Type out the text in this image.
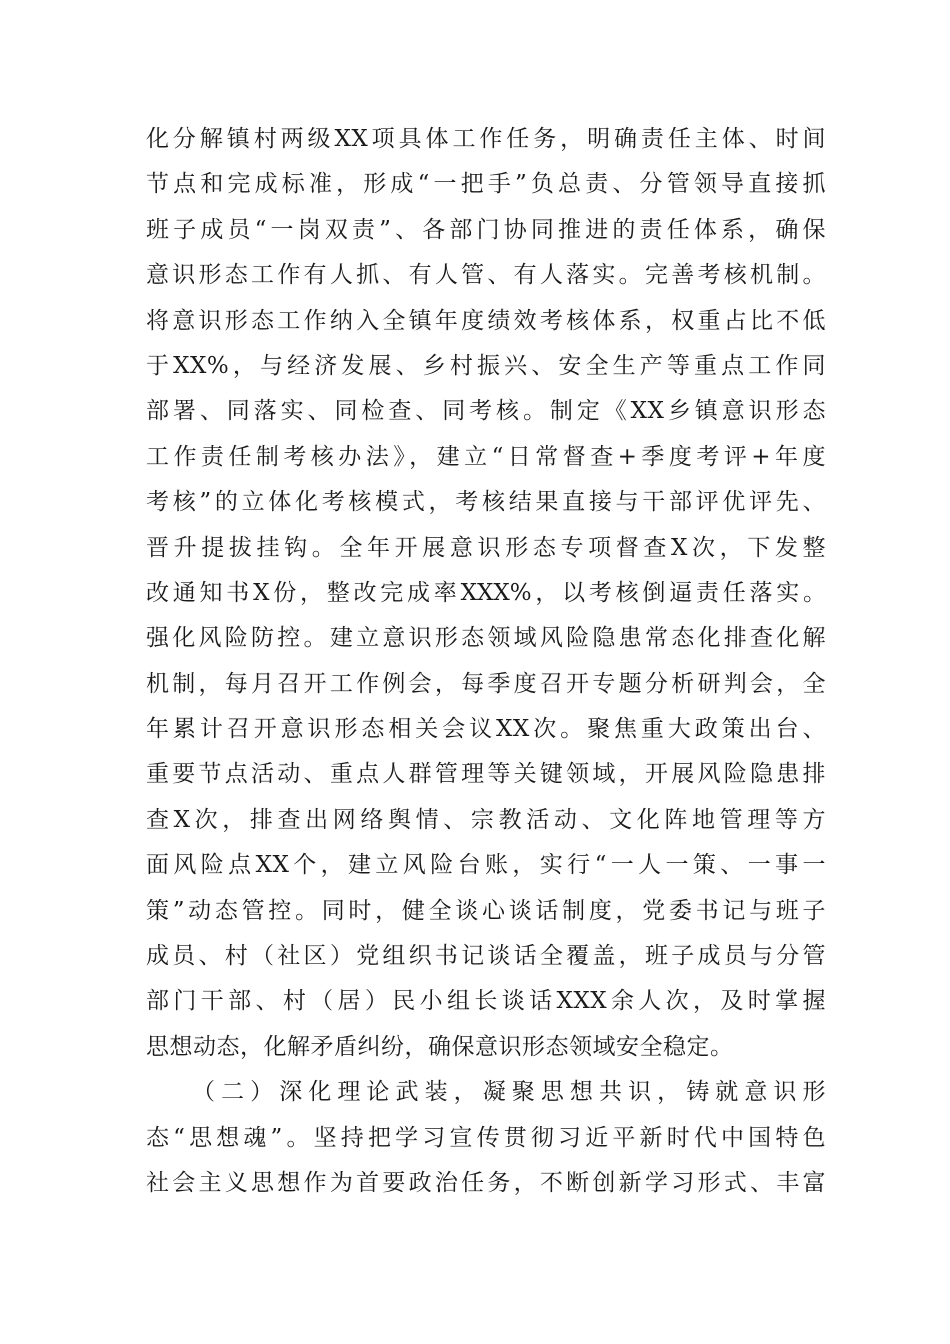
化分解镇村两级XX项具体工作任务，明确责任主体、时间
节点和完成标准，形成“一把手”负总责、分管领导直接抓
班子成员“一岗双责”、各部门协同推进的责任体系，确保
意识形态工作有人抓、有人管、有人落实。完善考核机制。
将意识形态工作纳入全镇年度绩效考核体系，权重占比不低
于XX%，与经济发展、乡村振兴、安全生产等重点工作同
部署、同落实、同检查、同考核。制定《XX乡镇意识形态
工作责任制考核办法》，建立“日常督查+季度考评+年度
考核”的立体化考核模式，考核结果直接与干部评优评先、
晋升提拔挂钩。全年开展意识形态专项督查X次，下发整
改通知书X份，整改完成率XXX%，以考核倒逼责任落实。
强化风险防控。建立意识形态领域风险隐患常态化排查化解
机制，每月召开工作例会，每季度召开专题分析研判会，全
年累计召开意识形态相关会议XX次。聚焦重大政策出台、
重要节点活动、重点人群管理等关键领域，开展风险隐患排
查X次，排查出网络舆情、宗教活动、文化阵地管理等方
面风险点XX个，建立风险台账，实行“一人一策、一事一
策”动态管控。同时，健全谈心谈话制度，党委书记与班子
成员、村（社区）党组织书记谈话全覆盖，班子成员与分管
部门干部、村（居）民小组长谈话XXX余人次，及时掌握
思想动态，化解矛盾纠纷，确保意识形态领域安全稳定。
（二）深化理论武装，凝聚思想共识，铸就意识形
态“思想魂”。坚持把学习宣传贯彻习近平新时代中国特色
社会主义思想作为首要政治任务，不断创新学习形式、丰富
